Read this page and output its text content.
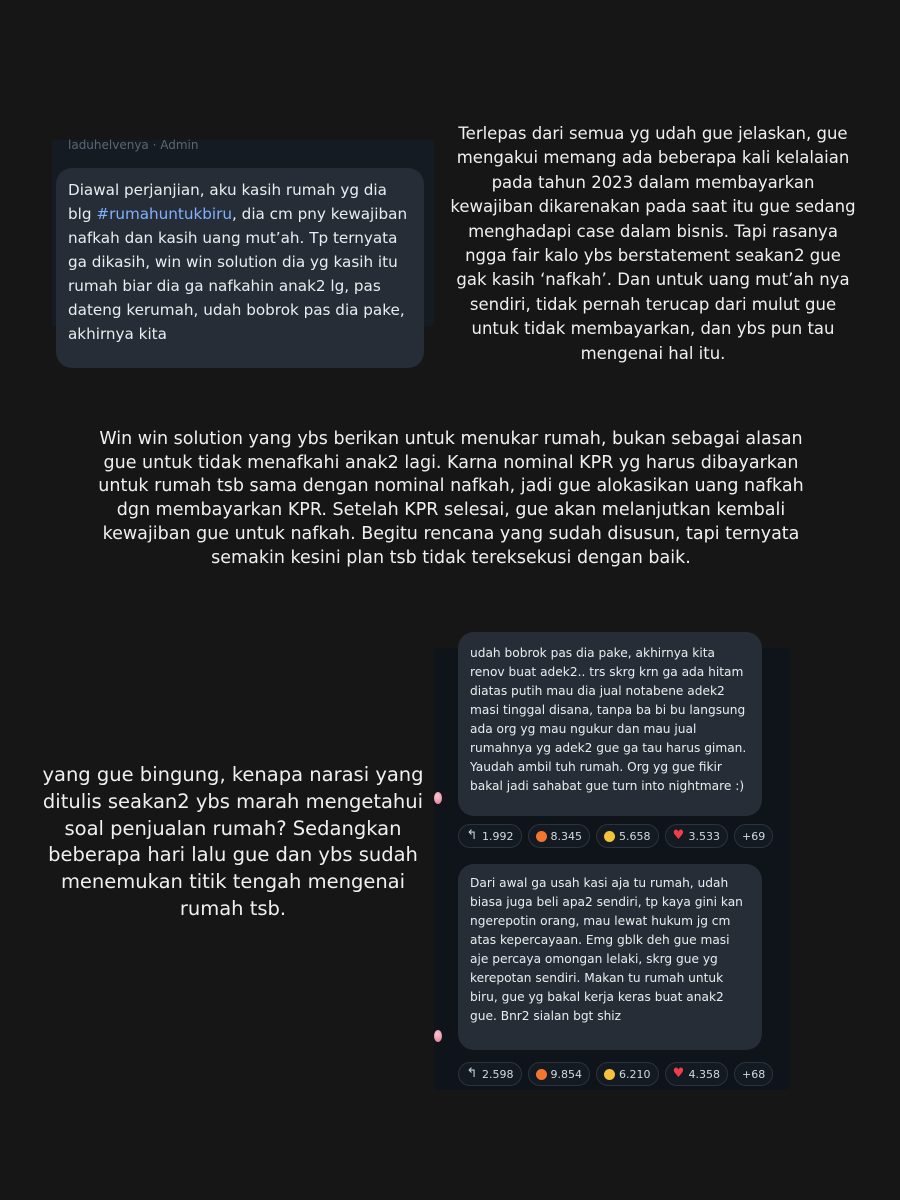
Terlepas dari semua yg udah gue jelaskan, gue mengakui memang ada beberapa kali kelalaian pada tahun 2023 dalam membayarkan kewajiban dikarenakan pada saat itu gue sedang menghadapi case dalam bisnis. Tapi rasanya ngga fair kalo ybs berstatement seakan2 gue gak kasih ‘nafkah’. Dan untuk uang mut’ah nya sendiri, tidak pernah terucap dari mulut gue untuk tidak membayarkan, dan ybs pun tau mengenai hal itu.
laduhelvenya · Admin

Diawal perjanjian, aku kasih rumah yg dia blg #rumahuntukbiru, dia cm pny kewajiban nafkah dan kasih uang mut’ah. Tp ternyata ga dikasih, win win solution dia yg kasih itu rumah biar dia ga nafkahin anak2 lg, pas dateng kerumah, udah bobrok pas dia pake, akhirnya kita

Win win solution yang ybs berikan untuk menukar rumah, bukan sebagai alasan gue untuk tidak menafkahi anak2 lagi. Karna nominal KPR yg harus dibayarkan untuk rumah tsb sama dengan nominal nafkah, jadi gue alokasikan uang nafkah dgn membayarkan KPR. Setelah KPR selesai, gue akan melanjutkan kembali kewajiban gue untuk nafkah. Begitu rencana yang sudah disusun, tapi ternyata semakin kesini plan tsb tidak tereksekusi dengan baik.
yang gue bingung, kenapa narasi yang ditulis seakan2 ybs marah mengetahui soal penjualan rumah? Sedangkan beberapa hari lalu gue dan ybs sudah menemukan titik tengah mengenai rumah tsb.

udah bobrok pas dia pake, akhirnya kita renov buat adek2.. trs skrg krn ga ada hitam diatas putih mau dia jual notabene adek2 masi tinggal disana, tanpa ba bi bu langsung ada org yg mau ngukur dan mau jual rumahnya yg adek2 gue ga tau harus giman. Yaudah ambil tuh rumah. Org yg gue fikir bakal jadi sahabat gue turn into nightmare :)

↰ 1.992	8.345	5.658 ♥ 3.533 +69

Dari awal ga usah kasi aja tu rumah, udah biasa juga beli apa2 sendiri, tp kaya gini kan ngerepotin orang, mau lewat hukum jg cm atas kepercayaan. Emg gblk deh gue masi aje percaya omongan lelaki, skrg gue yg kerepotan sendiri. Makan tu rumah untuk biru, gue yg bakal kerja keras buat anak2 gue. Bnr2 sialan bgt shiz

↰ 2.598	9.854	6.210 ♥ 4.358 +68
